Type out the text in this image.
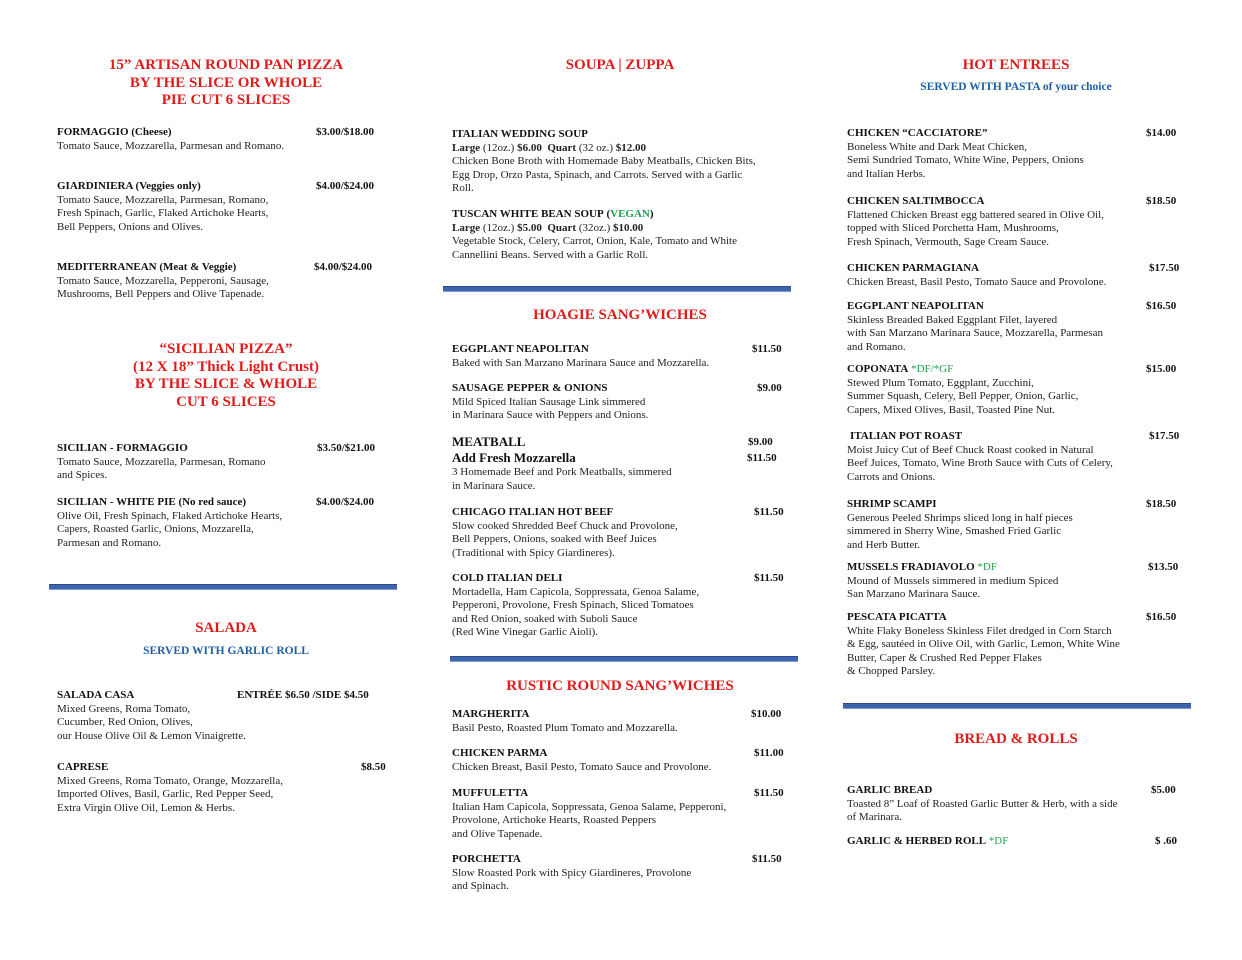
15” ARTISAN ROUND PAN PIZZA
BY THE SLICE OR WHOLE
PIE CUT 6 SLICES
FORMAGGIO (Cheese)	$3.00/$18.00
Tomato Sauce, Mozzarella, Parmesan and Romano.
GIARDINIERA (Veggies only)	$4.00/$24.00
Tomato Sauce, Mozzarella, Parmesan, Romano,
Fresh Spinach, Garlic, Flaked Artichoke Hearts,
Bell Peppers, Onions and Olives.
MEDITERRANEAN (Meat & Veggie)	$4.00/$24.00
Tomato Sauce, Mozzarella, Pepperoni, Sausage,
Mushrooms, Bell Peppers and Olive Tapenade.
“SICILIAN PIZZA”
(12 X 18” Thick Light Crust)
BY THE SLICE & WHOLE
CUT 6 SLICES
SICILIAN - FORMAGGIO	$3.50/$21.00
Tomato Sauce, Mozzarella, Parmesan, Romano
and Spices.
SICILIAN - WHITE PIE (No red sauce)	$4.00/$24.00
Olive Oil, Fresh Spinach, Flaked Artichoke Hearts,
Capers, Roasted Garlic, Onions, Mozzarella,
Parmesan and Romano.
SALADA
SERVED WITH GARLIC ROLL
SALADA CASA	ENTRÉE $6.50 /SIDE $4.50
Mixed Greens, Roma Tomato,
Cucumber, Red Onion, Olives,
our House Olive Oil & Lemon Vinaigrette.
CAPRESE	$8.50
Mixed Greens, Roma Tomato, Orange, Mozzarella,
Imported Olives, Basil, Garlic, Red Pepper Seed,
Extra Virgin Olive Oil, Lemon & Herbs.
SOUPA | ZUPPA
ITALIAN WEDDING SOUP
Large (12oz.) $6.00 Quart (32 oz.) $12.00
Chicken Bone Broth with Homemade Baby Meatballs, Chicken Bits,
Egg Drop, Orzo Pasta, Spinach, and Carrots. Served with a Garlic
Roll.
TUSCAN WHITE BEAN SOUP (VEGAN)
Large (12oz.) $5.00 Quart (32oz.) $10.00
Vegetable Stock, Celery, Carrot, Onion, Kale, Tomato and White
Cannellini Beans. Served with a Garlic Roll.
HOAGIE SANG’WICHES
EGGPLANT NEAPOLITAN	$11.50
Baked with San Marzano Marinara Sauce and Mozzarella.
SAUSAGE PEPPER & ONIONS	$9.00
Mild Spiced Italian Sausage Link simmered
in Marinara Sauce with Peppers and Onions.
MEATBALL	$9.00
Add Fresh Mozzarella	$11.50
3 Homemade Beef and Pork Meatballs, simmered
in Marinara Sauce.
CHICAGO ITALIAN HOT BEEF	$11.50
Slow cooked Shredded Beef Chuck and Provolone,
Bell Peppers, Onions, soaked with Beef Juices
(Traditional with Spicy Giardineres).
COLD ITALIAN DELI	$11.50
Mortadella, Ham Capicola, Soppressata, Genoa Salame,
Pepperoni, Provolone, Fresh Spinach, Sliced Tomatoes
and Red Onion, soaked with Suboli Sauce
(Red Wine Vinegar Garlic Aioli).
RUSTIC ROUND SANG’WICHES
MARGHERITA	$10.00
Basil Pesto, Roasted Plum Tomato and Mozzarella.
CHICKEN PARMA	$11.00
Chicken Breast, Basil Pesto, Tomato Sauce and Provolone.
MUFFULETTA	$11.50
Italian Ham Capicola, Soppressata, Genoa Salame, Pepperoni,
Provolone, Artichoke Hearts, Roasted Peppers
and Olive Tapenade.
PORCHETTA	$11.50
Slow Roasted Pork with Spicy Giardineres, Provolone
and Spinach.
HOT ENTREES
SERVED WITH PASTA of your choice
CHICKEN “CACCIATORE”	$14.00
Boneless White and Dark Meat Chicken,
Semi Sundried Tomato, White Wine, Peppers, Onions
and Italian Herbs.
CHICKEN SALTIMBOCCA	$18.50
Flattened Chicken Breast egg battered seared in Olive Oil,
topped with Sliced Porchetta Ham, Mushrooms,
Fresh Spinach, Vermouth, Sage Cream Sauce.
CHICKEN PARMAGIANA	$17.50
Chicken Breast, Basil Pesto, Tomato Sauce and Provolone.
EGGPLANT NEAPOLITAN	$16.50
Skinless Breaded Baked Eggplant Filet, layered
with San Marzano Marinara Sauce, Mozzarella, Parmesan
and Romano.
COPONATA *DF/*GF	$15.00
Stewed Plum Tomato, Eggplant, Zucchini,
Summer Squash, Celery, Bell Pepper, Onion, Garlic,
Capers, Mixed Olives, Basil, Toasted Pine Nut.
ITALIAN POT ROAST	$17.50
Moist Juicy Cut of Beef Chuck Roast cooked in Natural
Beef Juices, Tomato, Wine Broth Sauce with Cuts of Celery,
Carrots and Onions.
SHRIMP SCAMPI	$18.50
Generous Peeled Shrimps sliced long in half pieces
simmered in Sherry Wine, Smashed Fried Garlic
and Herb Butter.
MUSSELS FRADIAVOLO *DF	$13.50
Mound of Mussels simmered in medium Spiced
San Marzano Marinara Sauce.
PESCATA PICATTA	$16.50
White Flaky Boneless Skinless Filet dredged in Corn Starch
& Egg, sautéed in Olive Oil, with Garlic, Lemon, White Wine
Butter, Caper & Crushed Red Pepper Flakes
& Chopped Parsley.
BREAD & ROLLS
GARLIC BREAD	$5.00
Toasted 8” Loaf of Roasted Garlic Butter & Herb, with a side
of Marinara.
GARLIC & HERBED ROLL *DF	$ .60
